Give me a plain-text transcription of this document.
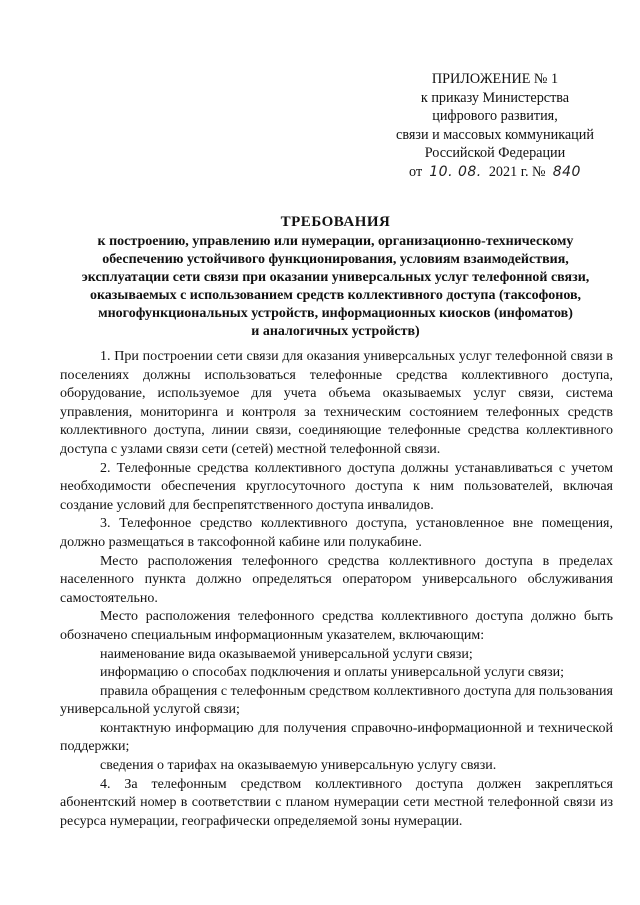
ПРИЛОЖЕНИЕ № 1
к приказу Министерства
цифрового развития,
связи и массовых коммуникаций
Российской Федерации
от 10. 08. 2021 г. № 840
ТРЕБОВАНИЯ
к построению, управлению или нумерации, организационно-техническому
обеспечению устойчивого функционирования, условиям взаимодействия,
эксплуатации сети связи при оказании универсальных услуг телефонной связи,
оказываемых с использованием средств коллективного доступа (таксофонов,
многофункциональных устройств, информационных киосков (инфоматов)
и аналогичных устройств)

1. При построении сети связи для оказания универсальных услуг телефонной связи в поселениях должны использоваться телефонные средства коллективного доступа, оборудование, используемое для учета объема оказываемых услуг связи, система управления, мониторинга и контроля за техническим состоянием телефонных средств коллективного доступа, линии связи, соединяющие телефонные средства коллективного доступа с узлами связи сети (сетей) местной телефонной связи.

2. Телефонные средства коллективного доступа должны устанавливаться с учетом необходимости обеспечения круглосуточного доступа к ним пользователей, включая создание условий для беспрепятственного доступа инвалидов.

3. Телефонное средство коллективного доступа, установленное вне помещения, должно размещаться в таксофонной кабине или полукабине.

Место расположения телефонного средства коллективного доступа в пределах населенного пункта должно определяться оператором универсального обслуживания самостоятельно.

Место расположения телефонного средства коллективного доступа должно быть обозначено специальным информационным указателем, включающим:

наименование вида оказываемой универсальной услуги связи;

информацию о способах подключения и оплаты универсальной услуги связи;

правила обращения с телефонным средством коллективного доступа для пользования универсальной услугой связи;

контактную информацию для получения справочно-информационной и технической поддержки;

сведения о тарифах на оказываемую универсальную услугу связи.

4. За телефонным средством коллективного доступа должен закрепляться абонентский номер в соответствии с планом нумерации сети местной телефонной связи из ресурса нумерации, географически определяемой зоны нумерации.
